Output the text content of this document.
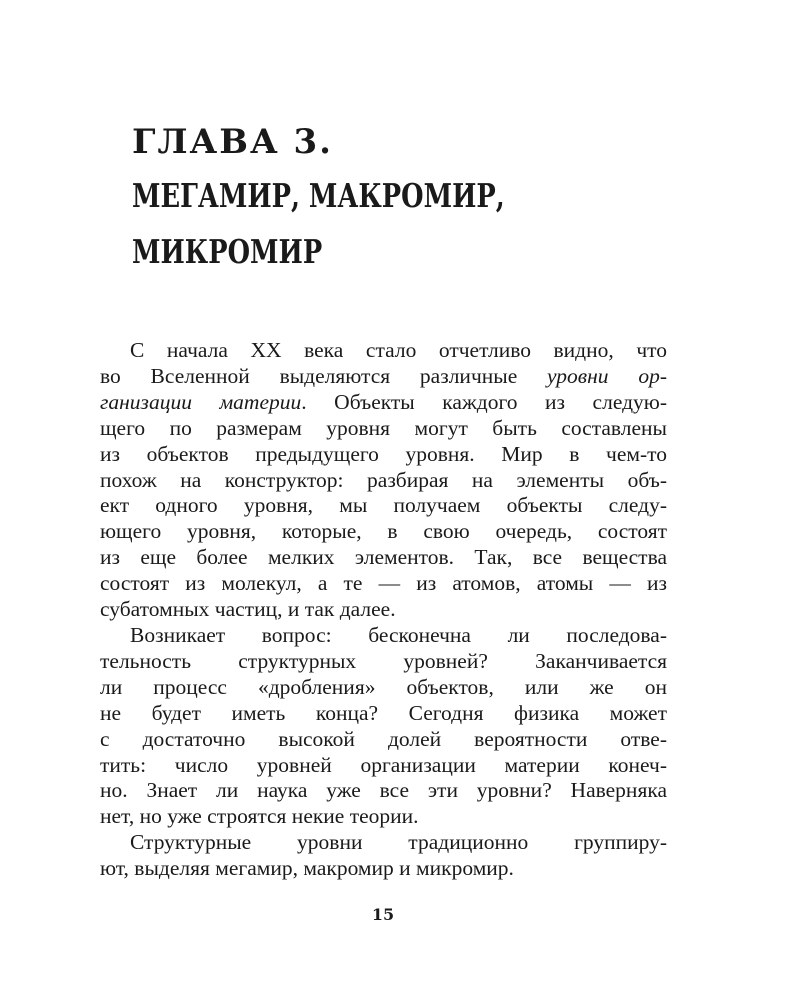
ГЛАВА 3.
МЕГАМИР, МАКРОМИР,
МИКРОМИР
С начала XX века стало отчетливо видно, что
во Вселенной выделяются различные уровни ор-
ганизации материи. Объекты каждого из следую-
щего по размерам уровня могут быть составлены
из объектов предыдущего уровня. Мир в чем-то
похож на конструктор: разбирая на элементы объ-
ект одного уровня, мы получаем объекты следу-
ющего уровня, которые, в свою очередь, состоят
из еще более мелких элементов. Так, все вещества
состоят из молекул, а те — из атомов, атомы — из
субатомных частиц, и так далее.
Возникает вопрос: бесконечна ли последова-
тельность структурных уровней? Заканчивается
ли процесс «дробления» объектов, или же он
не будет иметь конца? Сегодня физика может
с достаточно высокой долей вероятности отве-
тить: число уровней организации материи конеч-
но. Знает ли наука уже все эти уровни? Наверняка
нет, но уже строятся некие теории.
Структурные уровни традиционно группиру-
ют, выделяя мегамир, макромир и микромир.
15
